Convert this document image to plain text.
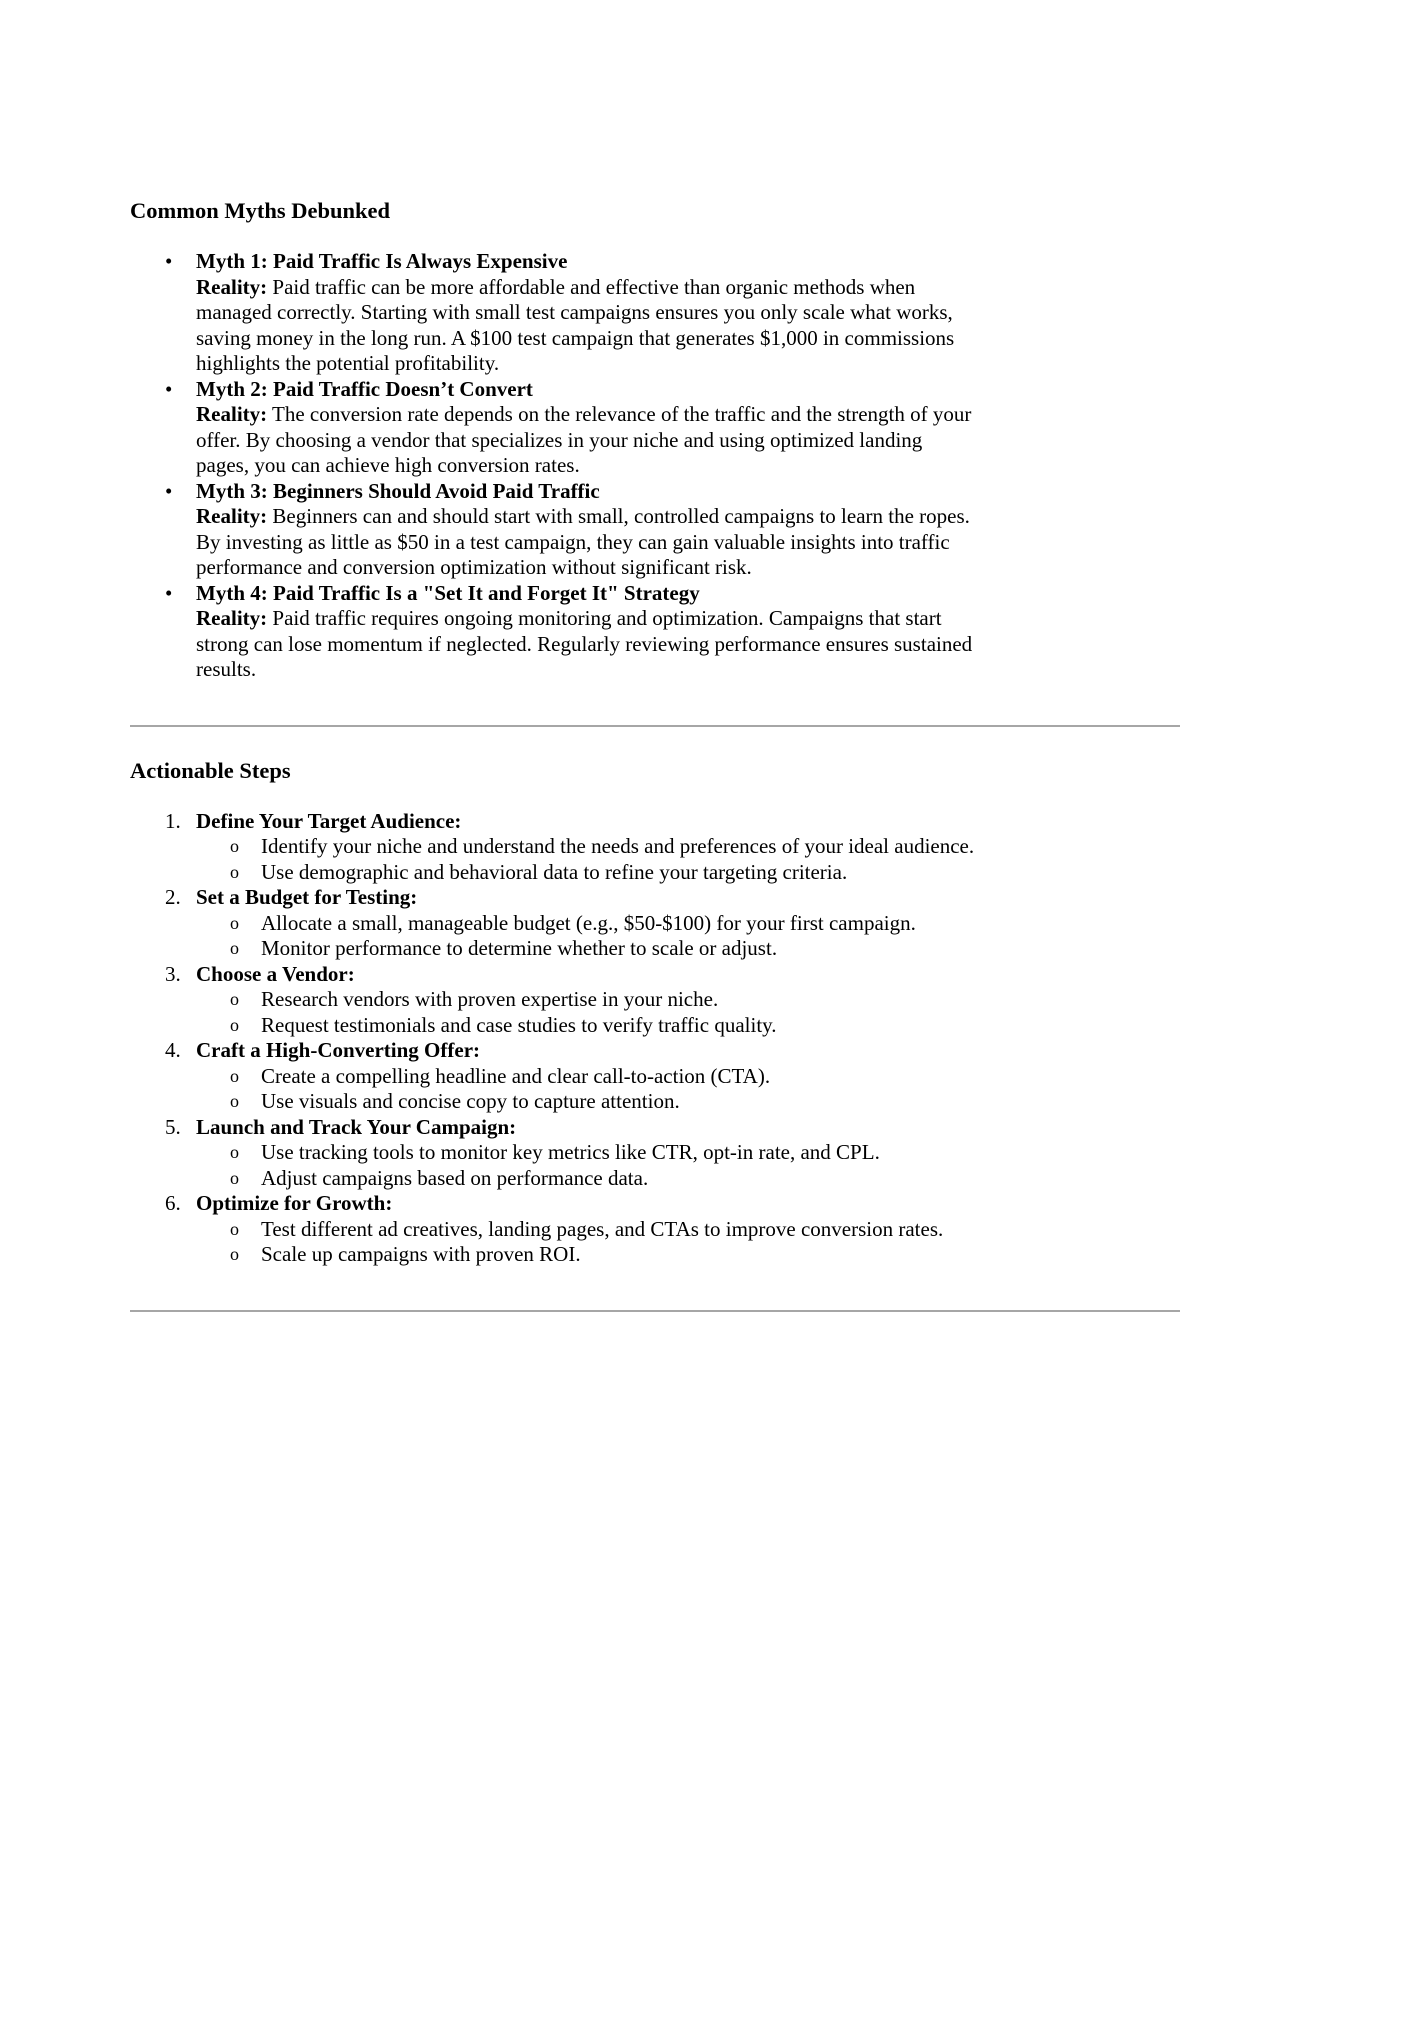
Common Myths Debunked
•	Myth 1: Paid Traffic Is Always Expensive
Reality: Paid traffic can be more affordable and effective than organic methods when managed correctly. Starting with small test campaigns ensures you only scale what works, saving money in the long run. A $100 test campaign that generates $1,000 in commissions highlights the potential profitability.
•	Myth 2: Paid Traffic Doesn’t Convert
Reality: The conversion rate depends on the relevance of the traffic and the strength of your offer. By choosing a vendor that specializes in your niche and using optimized landing pages, you can achieve high conversion rates.
•	Myth 3: Beginners Should Avoid Paid Traffic
Reality: Beginners can and should start with small, controlled campaigns to learn the ropes. By investing as little as $50 in a test campaign, they can gain valuable insights into traffic performance and conversion optimization without significant risk.
•	Myth 4: Paid Traffic Is a "Set It and Forget It" Strategy
Reality: Paid traffic requires ongoing monitoring and optimization. Campaigns that start strong can lose momentum if neglected. Regularly reviewing performance ensures sustained results.
Actionable Steps
1. Define Your Target Audience:
o	Identify your niche and understand the needs and preferences of your ideal audience.
o	Use demographic and behavioral data to refine your targeting criteria.
2. Set a Budget for Testing:
o	Allocate a small, manageable budget (e.g., $50-$100) for your first campaign.
o	Monitor performance to determine whether to scale or adjust.
3. Choose a Vendor:
o	Research vendors with proven expertise in your niche.
o	Request testimonials and case studies to verify traffic quality.
4. Craft a High-Converting Offer:
o	Create a compelling headline and clear call-to-action (CTA).
o	Use visuals and concise copy to capture attention.
5. Launch and Track Your Campaign:
o	Use tracking tools to monitor key metrics like CTR, opt-in rate, and CPL.
o	Adjust campaigns based on performance data.
6. Optimize for Growth:
o	Test different ad creatives, landing pages, and CTAs to improve conversion rates.
o	Scale up campaigns with proven ROI.
